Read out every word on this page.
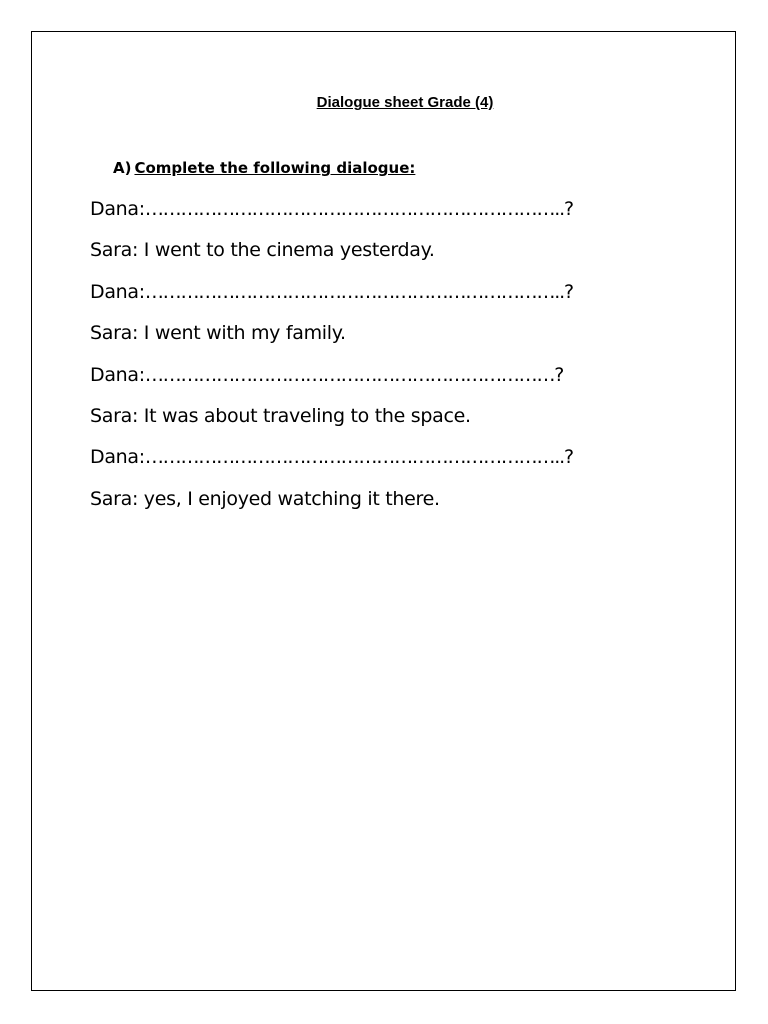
Dialogue sheet Grade (4)
A) Complete the following dialogue:
Dana:……………………………………………………………..?
Sara: I went to the cinema yesterday.
Dana:……………………………………………………………..?
Sara: I went with my family.
Dana:……………………………………………………………?
Sara: It was about traveling to the space.
Dana:……………………………………………………………..?
Sara: yes, I enjoyed watching it there.
